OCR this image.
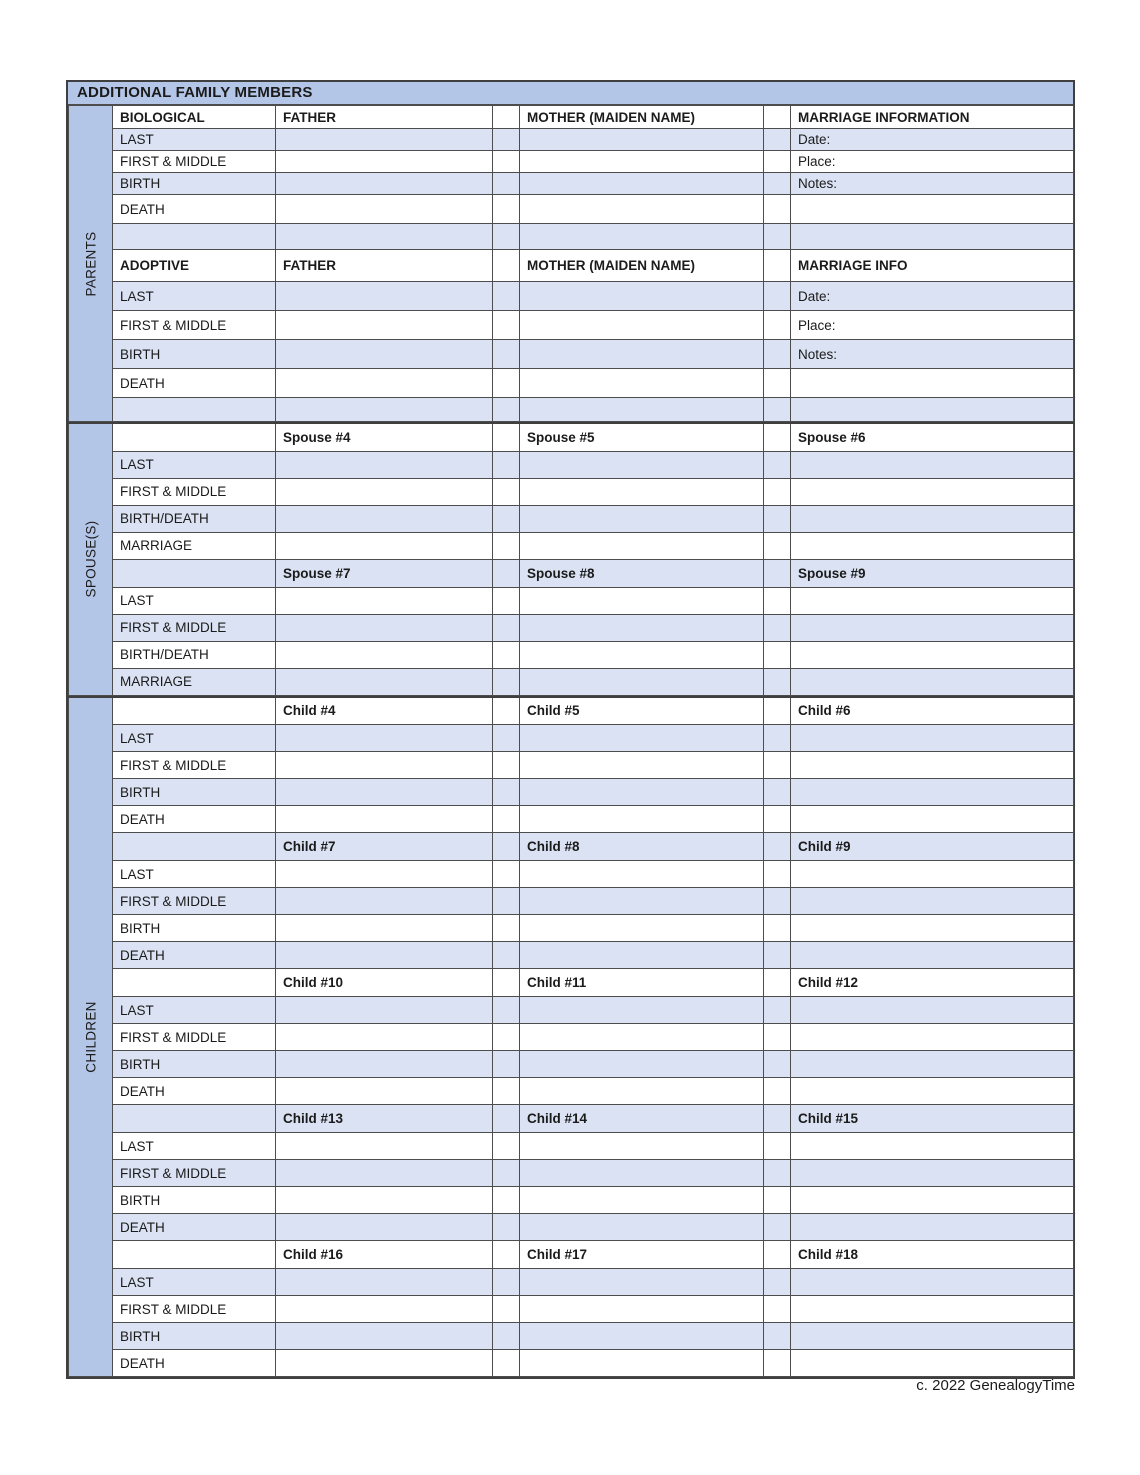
ADDITIONAL FAMILY MEMBERS
PARENTS	BIOLOGICAL	FATHER		MOTHER (MAIDEN NAME)		MARRIAGE INFORMATION
	LAST					Date:
	FIRST & MIDDLE					Place:
	BIRTH					Notes:
	DEATH					

	ADOPTIVE	FATHER		MOTHER (MAIDEN NAME)		MARRIAGE INFO
	LAST					Date:
	FIRST & MIDDLE					Place:
	BIRTH					Notes:
	DEATH					

SPOUSE(S)		Spouse #4		Spouse #5		Spouse #6
	LAST					
	FIRST & MIDDLE					
	BIRTH/DEATH					
	MARRIAGE					
		Spouse #7		Spouse #8		Spouse #9
	LAST					
	FIRST & MIDDLE					
	BIRTH/DEATH					
	MARRIAGE					
CHILDREN		Child #4		Child #5		Child #6
	LAST					
	FIRST & MIDDLE					
	BIRTH					
	DEATH					
		Child #7		Child #8		Child #9
	LAST					
	FIRST & MIDDLE					
	BIRTH					
	DEATH					
		Child #10		Child #11		Child #12
	LAST					
	FIRST & MIDDLE					
	BIRTH					
	DEATH					
		Child #13		Child #14		Child #15
	LAST					
	FIRST & MIDDLE					
	BIRTH					
	DEATH					
		Child #16		Child #17		Child #18
	LAST					
	FIRST & MIDDLE					
	BIRTH					
	DEATH					
c. 2022 GenealogyTime
